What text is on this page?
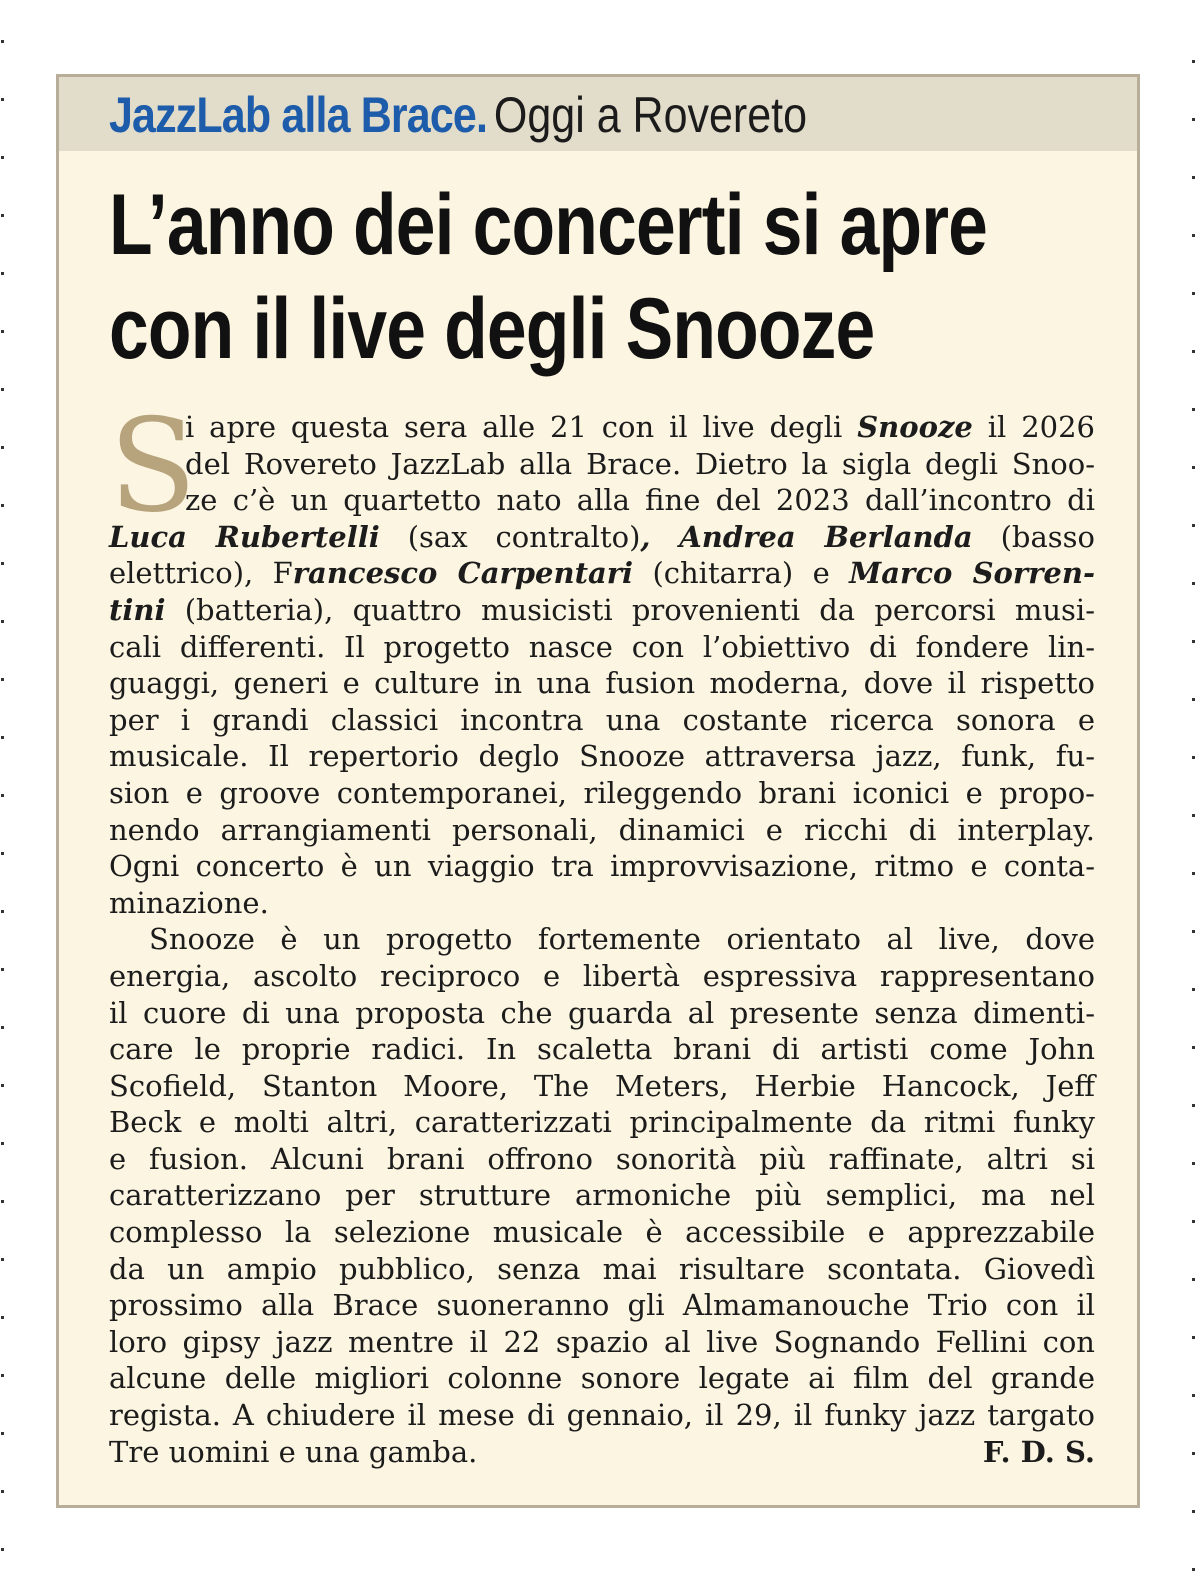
JazzLab alla Brace. Oggi a Rovereto
L’anno dei concerti si apre
con il live degli Snooze
S
i apre questa sera alle 21 con il live degli Snooze il 2026
del Rovereto JazzLab alla Brace. Dietro la sigla degli Snoo-
ze c’è un quartetto nato alla fine del 2023 dall’incontro di
Luca Rubertelli (sax contralto), Andrea Berlanda (basso
elettrico), Francesco Carpentari (chitarra) e Marco Sorren-
tini (batteria), quattro musicisti provenienti da percorsi musi-
cali differenti. Il progetto nasce con l’obiettivo di fondere lin-
guaggi, generi e culture in una fusion moderna, dove il rispetto
per i grandi classici incontra una costante ricerca sonora e
musicale. Il repertorio deglo Snooze attraversa jazz, funk, fu-
sion e groove contemporanei, rileggendo brani iconici e propo-
nendo arrangiamenti personali, dinamici e ricchi di interplay.
Ogni concerto è un viaggio tra improvvisazione, ritmo e conta-
minazione.
Snooze è un progetto fortemente orientato al live, dove
energia, ascolto reciproco e libertà espressiva rappresentano
il cuore di una proposta che guarda al presente senza dimenti-
care le proprie radici. In scaletta brani di artisti come John
Scofield, Stanton Moore, The Meters, Herbie Hancock, Jeff
Beck e molti altri, caratterizzati principalmente da ritmi funky
e fusion. Alcuni brani offrono sonorità più raffinate, altri si
caratterizzano per strutture armoniche più semplici, ma nel
complesso la selezione musicale è accessibile e apprezzabile
da un ampio pubblico, senza mai risultare scontata. Giovedì
prossimo alla Brace suoneranno gli Almamanouche Trio con il
loro gipsy jazz mentre il 22 spazio al live Sognando Fellini con
alcune delle migliori colonne sonore legate ai film del grande
regista. A chiudere il mese di gennaio, il 29, il funky jazz targato
Tre uomini e una gamba.	F. D. S.
